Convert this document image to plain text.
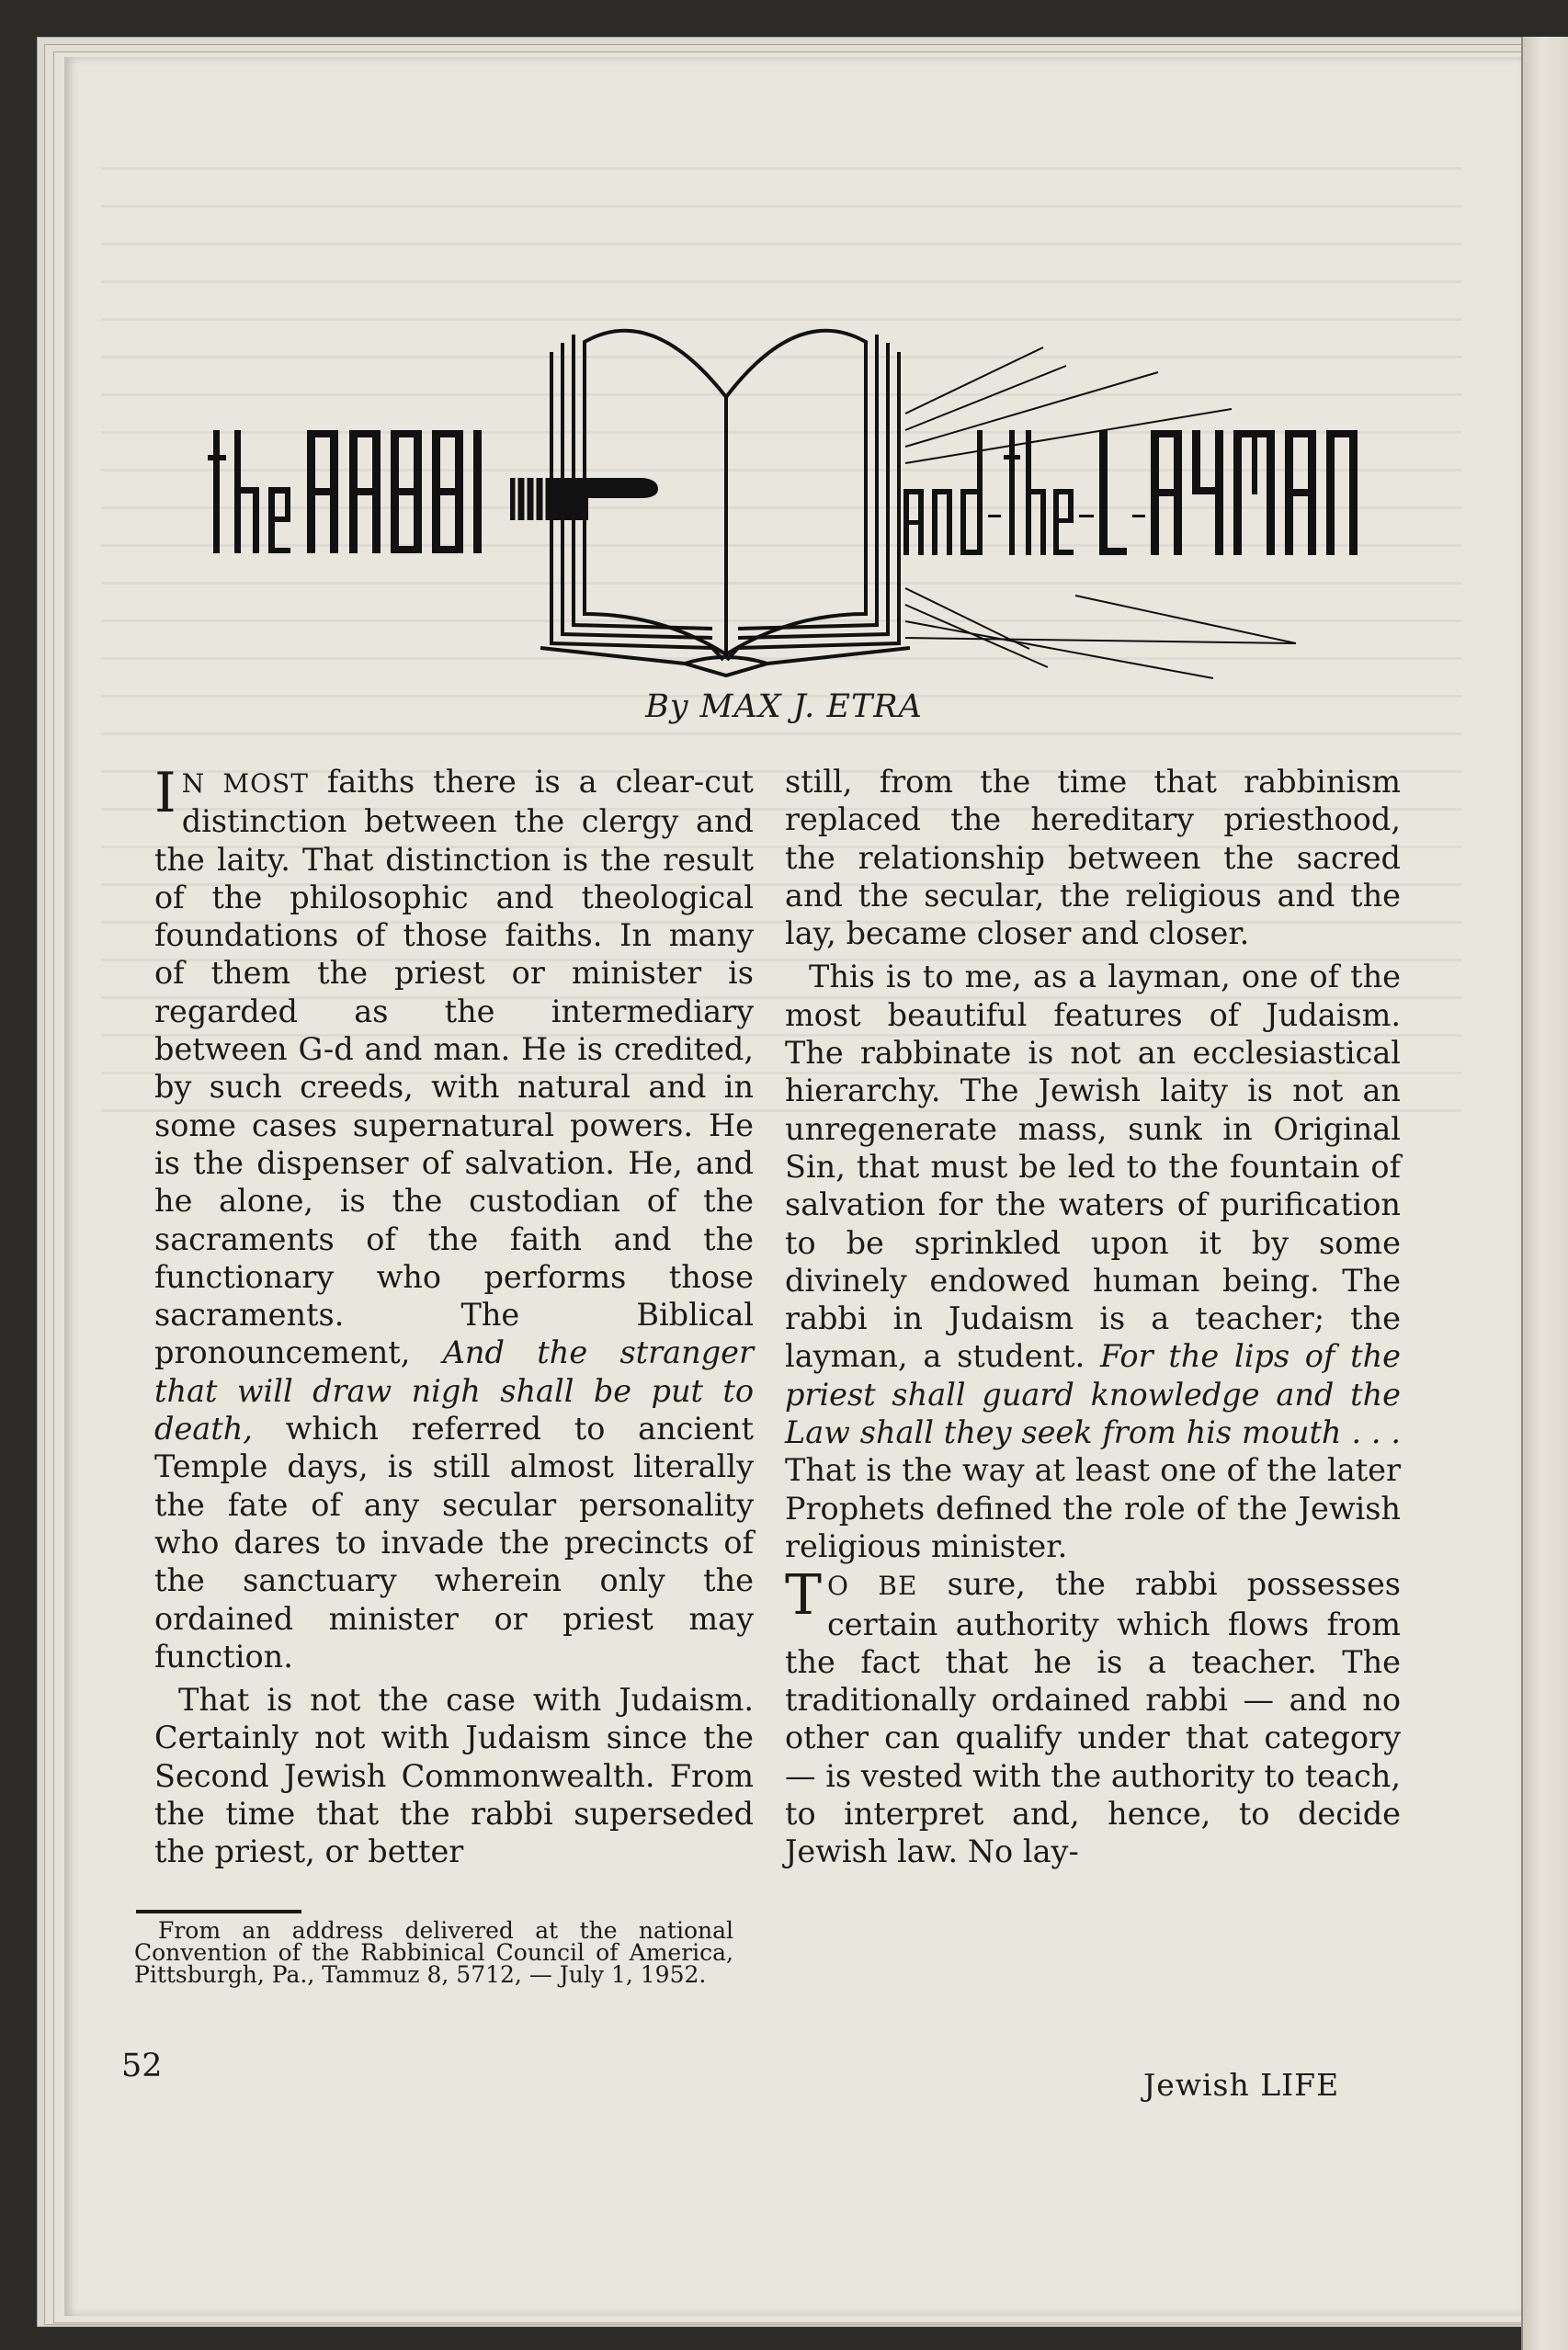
By MAX J. ETRA

I N MOST faiths there is a clear-cut distinction between the clergy and the laity. That distinction is the result of the philosophic and theological foundations of those faiths. In many of them the priest or minister is regarded as the intermediary between G-d and man. He is credited, by such creeds, with natural and in some cases supernatural powers. He is the dispenser of salvation. He, and he alone, is the custodian of the sacraments of the faith and the functionary who performs those sacraments. The Biblical pronouncement, And the stranger that will draw nigh shall be put to death, which referred to ancient Temple days, is still almost literally the fate of any secular personality who dares to invade the precincts of the sanctuary wherein only the ordained minister or priest may function.

That is not the case with Judaism. Certainly not with Judaism since the Second Jewish Commonwealth. From the time that the rabbi superseded the priest, or better

still, from the time that rabbinism replaced the hereditary priesthood, the relationship between the sacred and the secular, the religious and the lay, became closer and closer.

This is to me, as a layman, one of the most beautiful features of Judaism. The rabbinate is not an ecclesiastical hierarchy. The Jewish laity is not an unregenerate mass, sunk in Original Sin, that must be led to the fountain of salvation for the waters of purification to be sprinkled upon it by some divinely endowed human being. The rabbi in Judaism is a teacher; the layman, a student. For the lips of the priest shall guard knowledge and the Law shall they seek from his mouth . . . That is the way at least one of the later Prophets defined the role of the Jewish religious minister.

T O BE sure, the rabbi possesses certain authority which flows from the fact that he is a teacher. The traditionally ordained rabbi — and no other can qualify under that category — is vested with the authority to teach, to interpret and, hence, to decide Jewish law. No lay-

From an address delivered at the national Convention of the Rabbinical Council of America, Pittsburgh, Pa., Tammuz 8, 5712, — July 1, 1952.
52
Jewish LIFE
